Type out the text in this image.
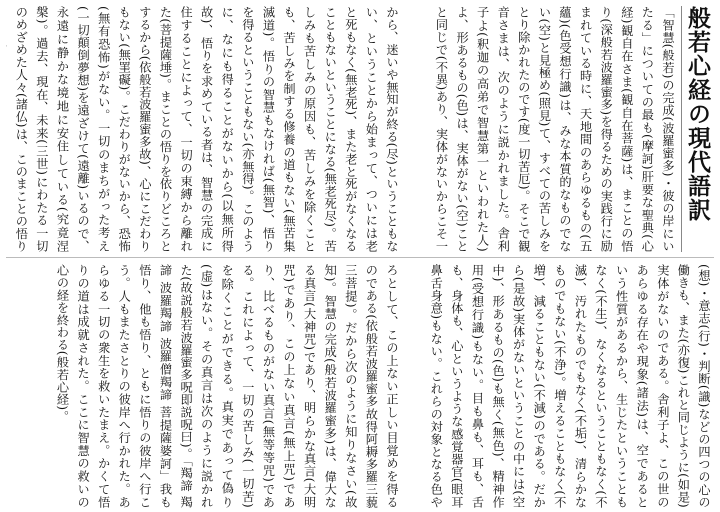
般若心経の現代語訳
「智慧(般若)の完成(波羅蜜多)・彼の岸にいたる」についての最も(摩訶)肝要な聖典(心経)観自在さま(観自在菩薩)は、まことの悟り(深般若波羅蜜多)を得るための実践行に励まれている時に、天地間のあらゆるもの(五蘊)(色受想行識)は、みな本質的なものでない(空)と見極め(照見)て、すべての苦しみをとり除かれたのです(度一切苦厄)。そこで観音さまは、次のように説かれました。舎利子よ(釈迦の高弟で智慧第一といわれた人)よ、形あるもの(色)は、実体がない(空)ことと同じで(不異)あり、実体がないからこそ一
から、迷いや無知が終る(尽)ということもない、ということから始まって、ついには老と死もなく(無老死)、また老と死がなくなることもないということになる(無老死尽)。苦しみも苦しみの原因も、苦しみを除くことも、苦しみを制する修養の道もない(無苦集滅道)。悟りの智慧もなければ(無智)、悟りを得るということもない(亦無得)。このように、なにも得ることがないから(以無所得故)、悟りを求めている者は、智慧の完成に住することによって、一切の束縛から離れた(菩提薩埵)。まことの悟りを依りどころとするから(依般若波羅蜜多故)、心にこだわりもない(無罣礙)。こだわりがないから、恐怖(無有恐怖)がない。一切のまちがった考え(一切顛倒夢想)を遠ざけて(遠離)いるので、永遠に静かな境地に安住している(究竟涅槃)。過去、現在、未来(三世)にわたる一切のめざめた人々(諸仏)は、このまことの悟り
(想)・意志(行)・判断(識)などの四つの心の働きも、また(亦復)これと同じように(如是)実体がないのである。舎利子よ、この世のあらゆる存在や現象(諸法)は、空であるという性質があるから、生じたということもなく(不生)、なくなるということもなく(不滅)、汚れたものでもなく(不垢)、清らかなものでもない(不浄)。増えることもなく(不増)、減ることもない(不減)のである。だから(是故)実体がないということの中には(空中)、形あるもの(色)も無く(無色)、精神作用(受想行識)もない。目も鼻も、耳も、舌も、身体も、心というような感覚器官(眼耳鼻舌身意)もない。これらの対象となる色や
ろとして、この上ない正しい目覚めを得るのである(依般若波羅蜜多故得阿耨多羅三藐三菩提)。だから次のように知りなさい(故知)。智慧の完成(般若波羅蜜多)は、偉大なる真言(大神咒)であり、明らかな真言(大明咒)であり、この上ない真言(無上咒)であり、比べるものがない真言(無等等咒)である。これによって、一切の苦しみ(一切苦)を除くことができる。真実であって偽り(虚)はない。その真言は次のように説かれた(故説般若波羅蜜多呪即説呪曰)。「羯諦 羯諦 波羅羯諦 波羅僧羯諦 菩提薩婆訶」我も悟り、他も悟り、ともに悟りの彼岸へ行こう。人もまたさとりの彼岸へ行かれた。あらゆる一切の衆生を救いたまえ。かくて悟りの道は成就された。ここに智慧の救いの心の経を終わる(般若心経)。
